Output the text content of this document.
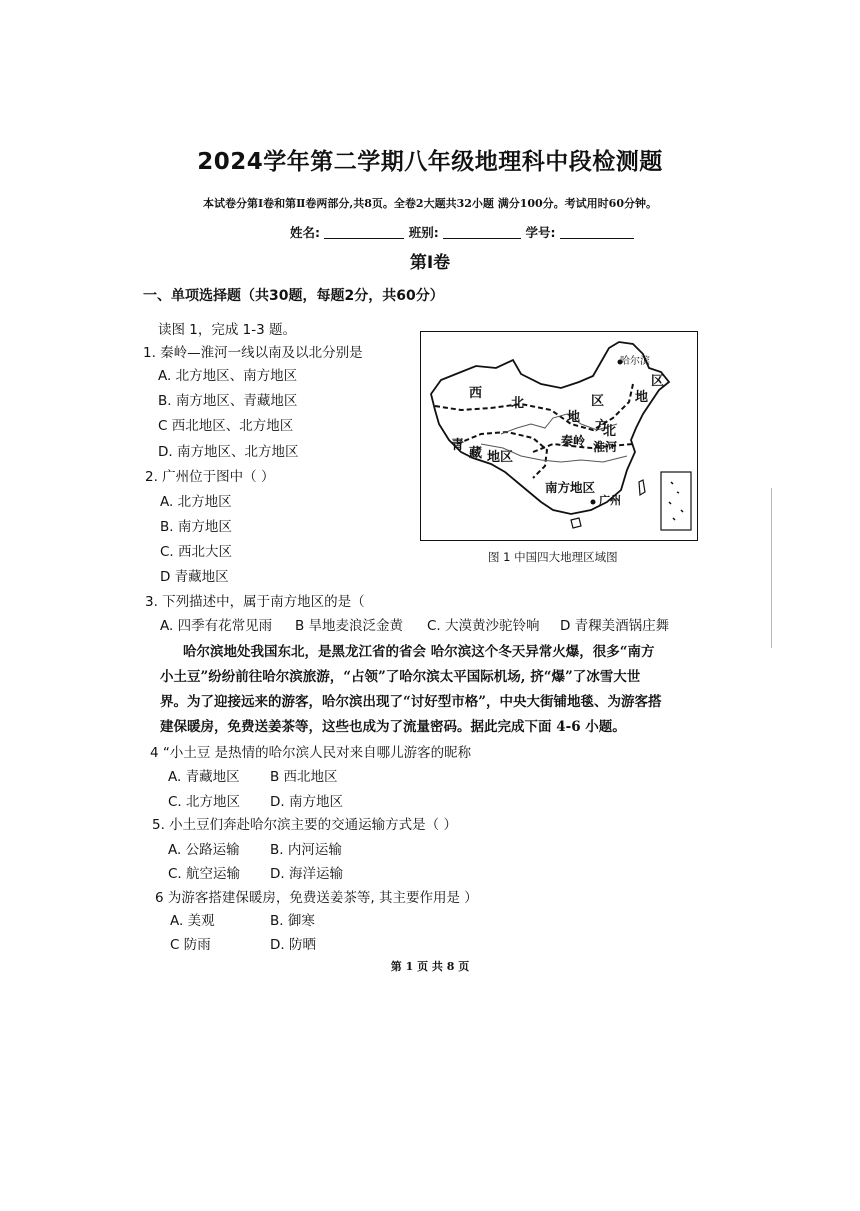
2024学年第二学期八年级地理科中段检测题
本试卷分第Ⅰ卷和第Ⅱ卷两部分,共8页。全卷2大题共32小题 满分100分。考试用时60分钟。
姓名:	班别:	学号:
第Ⅰ卷
一、单项选择题（共30题，每题2分，共60分）
读图 1，完成 1-3 题。
1. 秦岭—淮河一线以南及以北分别是
A. 北方地区、南方地区
B. 南方地区、青藏地区
C 西北地区、北方地区
D. 南方地区、北方地区
2. 广州位于图中（ ）
A. 北方地区
B. 南方地区
C. 西北大区
D 青藏地区
3. 下列描述中，属于南方地区的是（
A. 四季有花常见雨 B 旱地麦浪泛金黄 C. 大漠黄沙驼铃响 D 青稞美酒锅庄舞
哈尔滨地处我国东北，是黑龙江省的省会 哈尔滨这个冬天异常火爆，很多“南方
小土豆”纷纷前往哈尔滨旅游，“占领”了哈尔滨太平国际机场, 挤“爆”了冰雪大世
界。为了迎接远来的游客，哈尔滨出现了“讨好型市格”，中央大街铺地毯、为游客搭
建保暖房，免费送姜茶等，这些也成为了流量密码。据此完成下面 4-6 小题。
4 “小土豆 是热情的哈尔滨人民对来自哪儿游客的昵称
A. 青藏地区 B 西北地区
C. 北方地区 D. 南方地区
5. 小土豆们奔赴哈尔滨主要的交通运输方式是（ ）
A. 公路运输 B. 内河运输
C. 航空运输 D. 海洋运输
6 为游客搭建保暖房，免费送姜茶等, 其主要作用是 ）
A. 美观	B. 御寒
C 防雨	D. 防晒
哈尔滨
区
西
北
地
区
北
地
方
秦岭 淮河
青
藏 地区
南方地区
广州
图 1 中国四大地理区域图
第 1 页 共 8 页
